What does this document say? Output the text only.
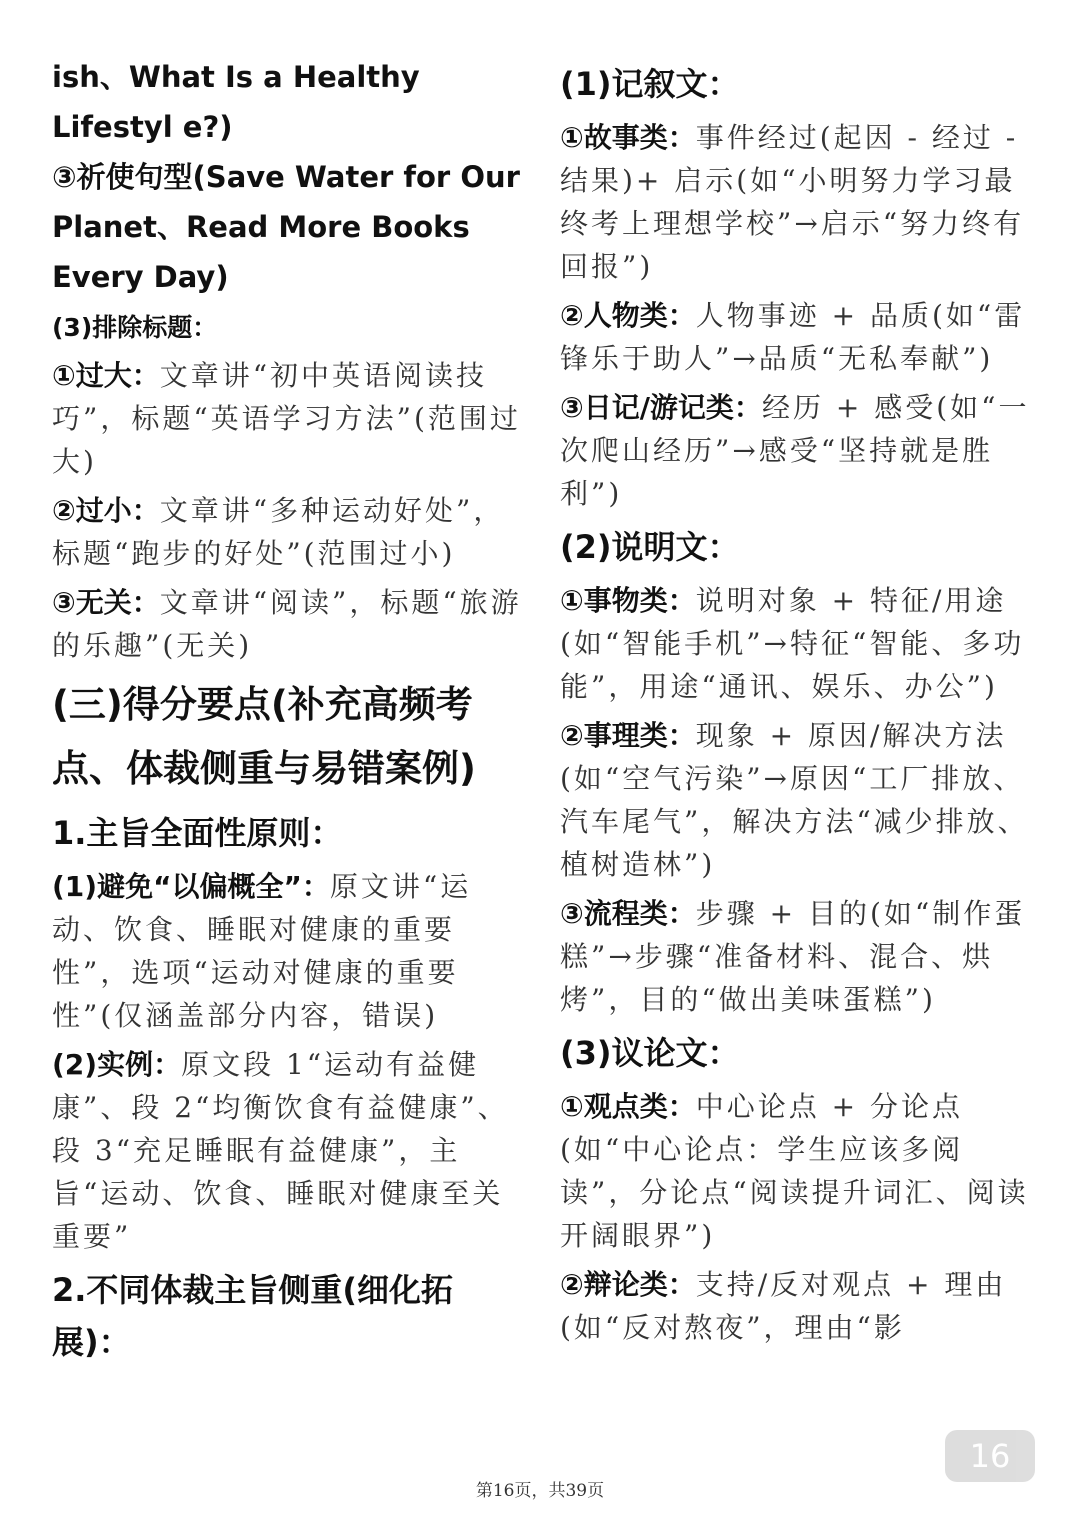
ish、What Is a Healthy Lifestyl e?)

③祈使句型(Save Water for Our Planet、Read More Books Every Day)

(3)排除标题：

①过大：文章讲“初中英语阅读技巧”，标题“英语学习方法”(范围过大)

②过小：文章讲“多种运动好处”，标题“跑步的好处”(范围过小)

③无关：文章讲“阅读”，标题“旅游的乐趣”(无关)

(三)得分要点(补充高频考点、体裁侧重与易错案例)

1.主旨全面性原则：

(1)避免“以偏概全”：原文讲“运动、饮食、睡眠对健康的重要性”，选项“运动对健康的重要性”(仅涵盖部分内容，错误)

(2)实例：原文段 1“运动有益健康”、段 2“均衡饮食有益健康”、段 3“充足睡眠有益健康”，主旨“运动、饮食、睡眠对健康至关重要”

2.不同体裁主旨侧重(细化拓展)：

(1)记叙文：

①故事类：事件经过(起因 - 经过 - 结果)+ 启示(如“小明努力学习最终考上理想学校”→启示“努力终有回报”)

②人物类：人物事迹 + 品质(如“雷锋乐于助人”→品质“无私奉献”)

③日记/游记类：经历 + 感受(如“一次爬山经历”→感受“坚持就是胜利”)

(2)说明文：

①事物类：说明对象 + 特征/用途(如“智能手机”→特征“智能、多功能”，用途“通讯、娱乐、办公”)

②事理类：现象 + 原因/解决方法(如“空气污染”→原因“工厂排放、汽车尾气”，解决方法“减少排放、植树造林”)

③流程类：步骤 + 目的(如“制作蛋糕”→步骤“准备材料、混合、烘烤”，目的“做出美味蛋糕”)

(3)议论文：

①观点类：中心论点 + 分论点(如“中心论点：学生应该多阅读”，分论点“阅读提升词汇、阅读开阔眼界”)

②辩论类：支持/反对观点 + 理由(如“反对熬夜”，理由“影

第16页，共39页
16
